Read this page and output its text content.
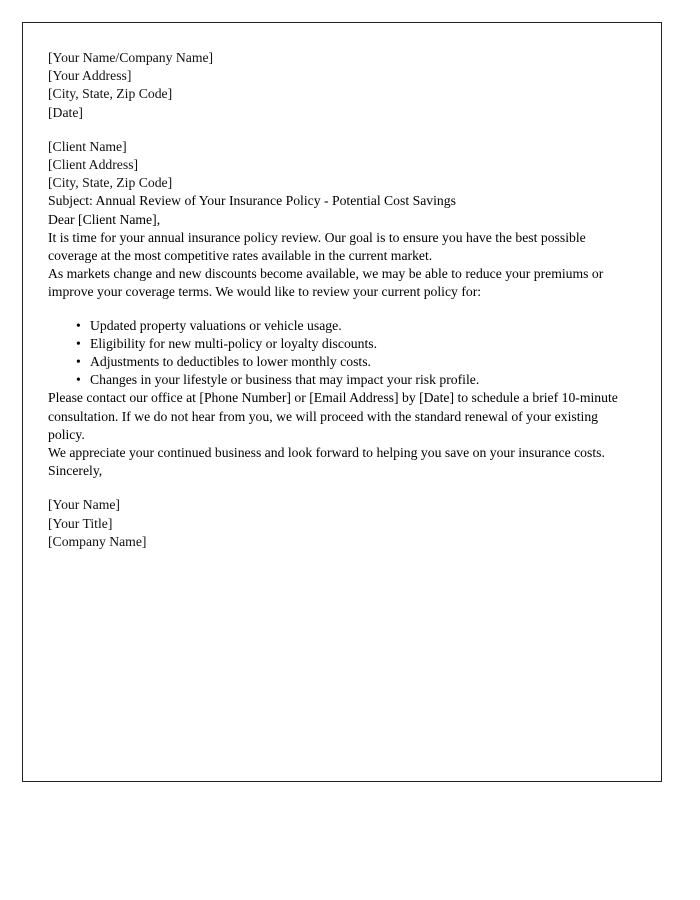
[Your Name/Company Name]
[Your Address]
[City, State, Zip Code]
[Date]
[Client Name]
[Client Address]
[City, State, Zip Code]

Subject: Annual Review of Your Insurance Policy - Potential Cost Savings

Dear [Client Name],

It is time for your annual insurance policy review. Our goal is to ensure you have the best possible coverage at the most competitive rates available in the current market.

As markets change and new discounts become available, we may be able to reduce your premiums or improve your coverage terms. We would like to review your current policy for:

• Updated property valuations or vehicle usage.
• Eligibility for new multi-policy or loyalty discounts.
• Adjustments to deductibles to lower monthly costs.
• Changes in your lifestyle or business that may impact your risk profile.

Please contact our office at [Phone Number] or [Email Address] by [Date] to schedule a brief 10-minute consultation. If we do not hear from you, we will proceed with the standard renewal of your existing policy.

We appreciate your continued business and look forward to helping you save on your insurance costs.

Sincerely,

[Your Name]
[Your Title]
[Company Name]
